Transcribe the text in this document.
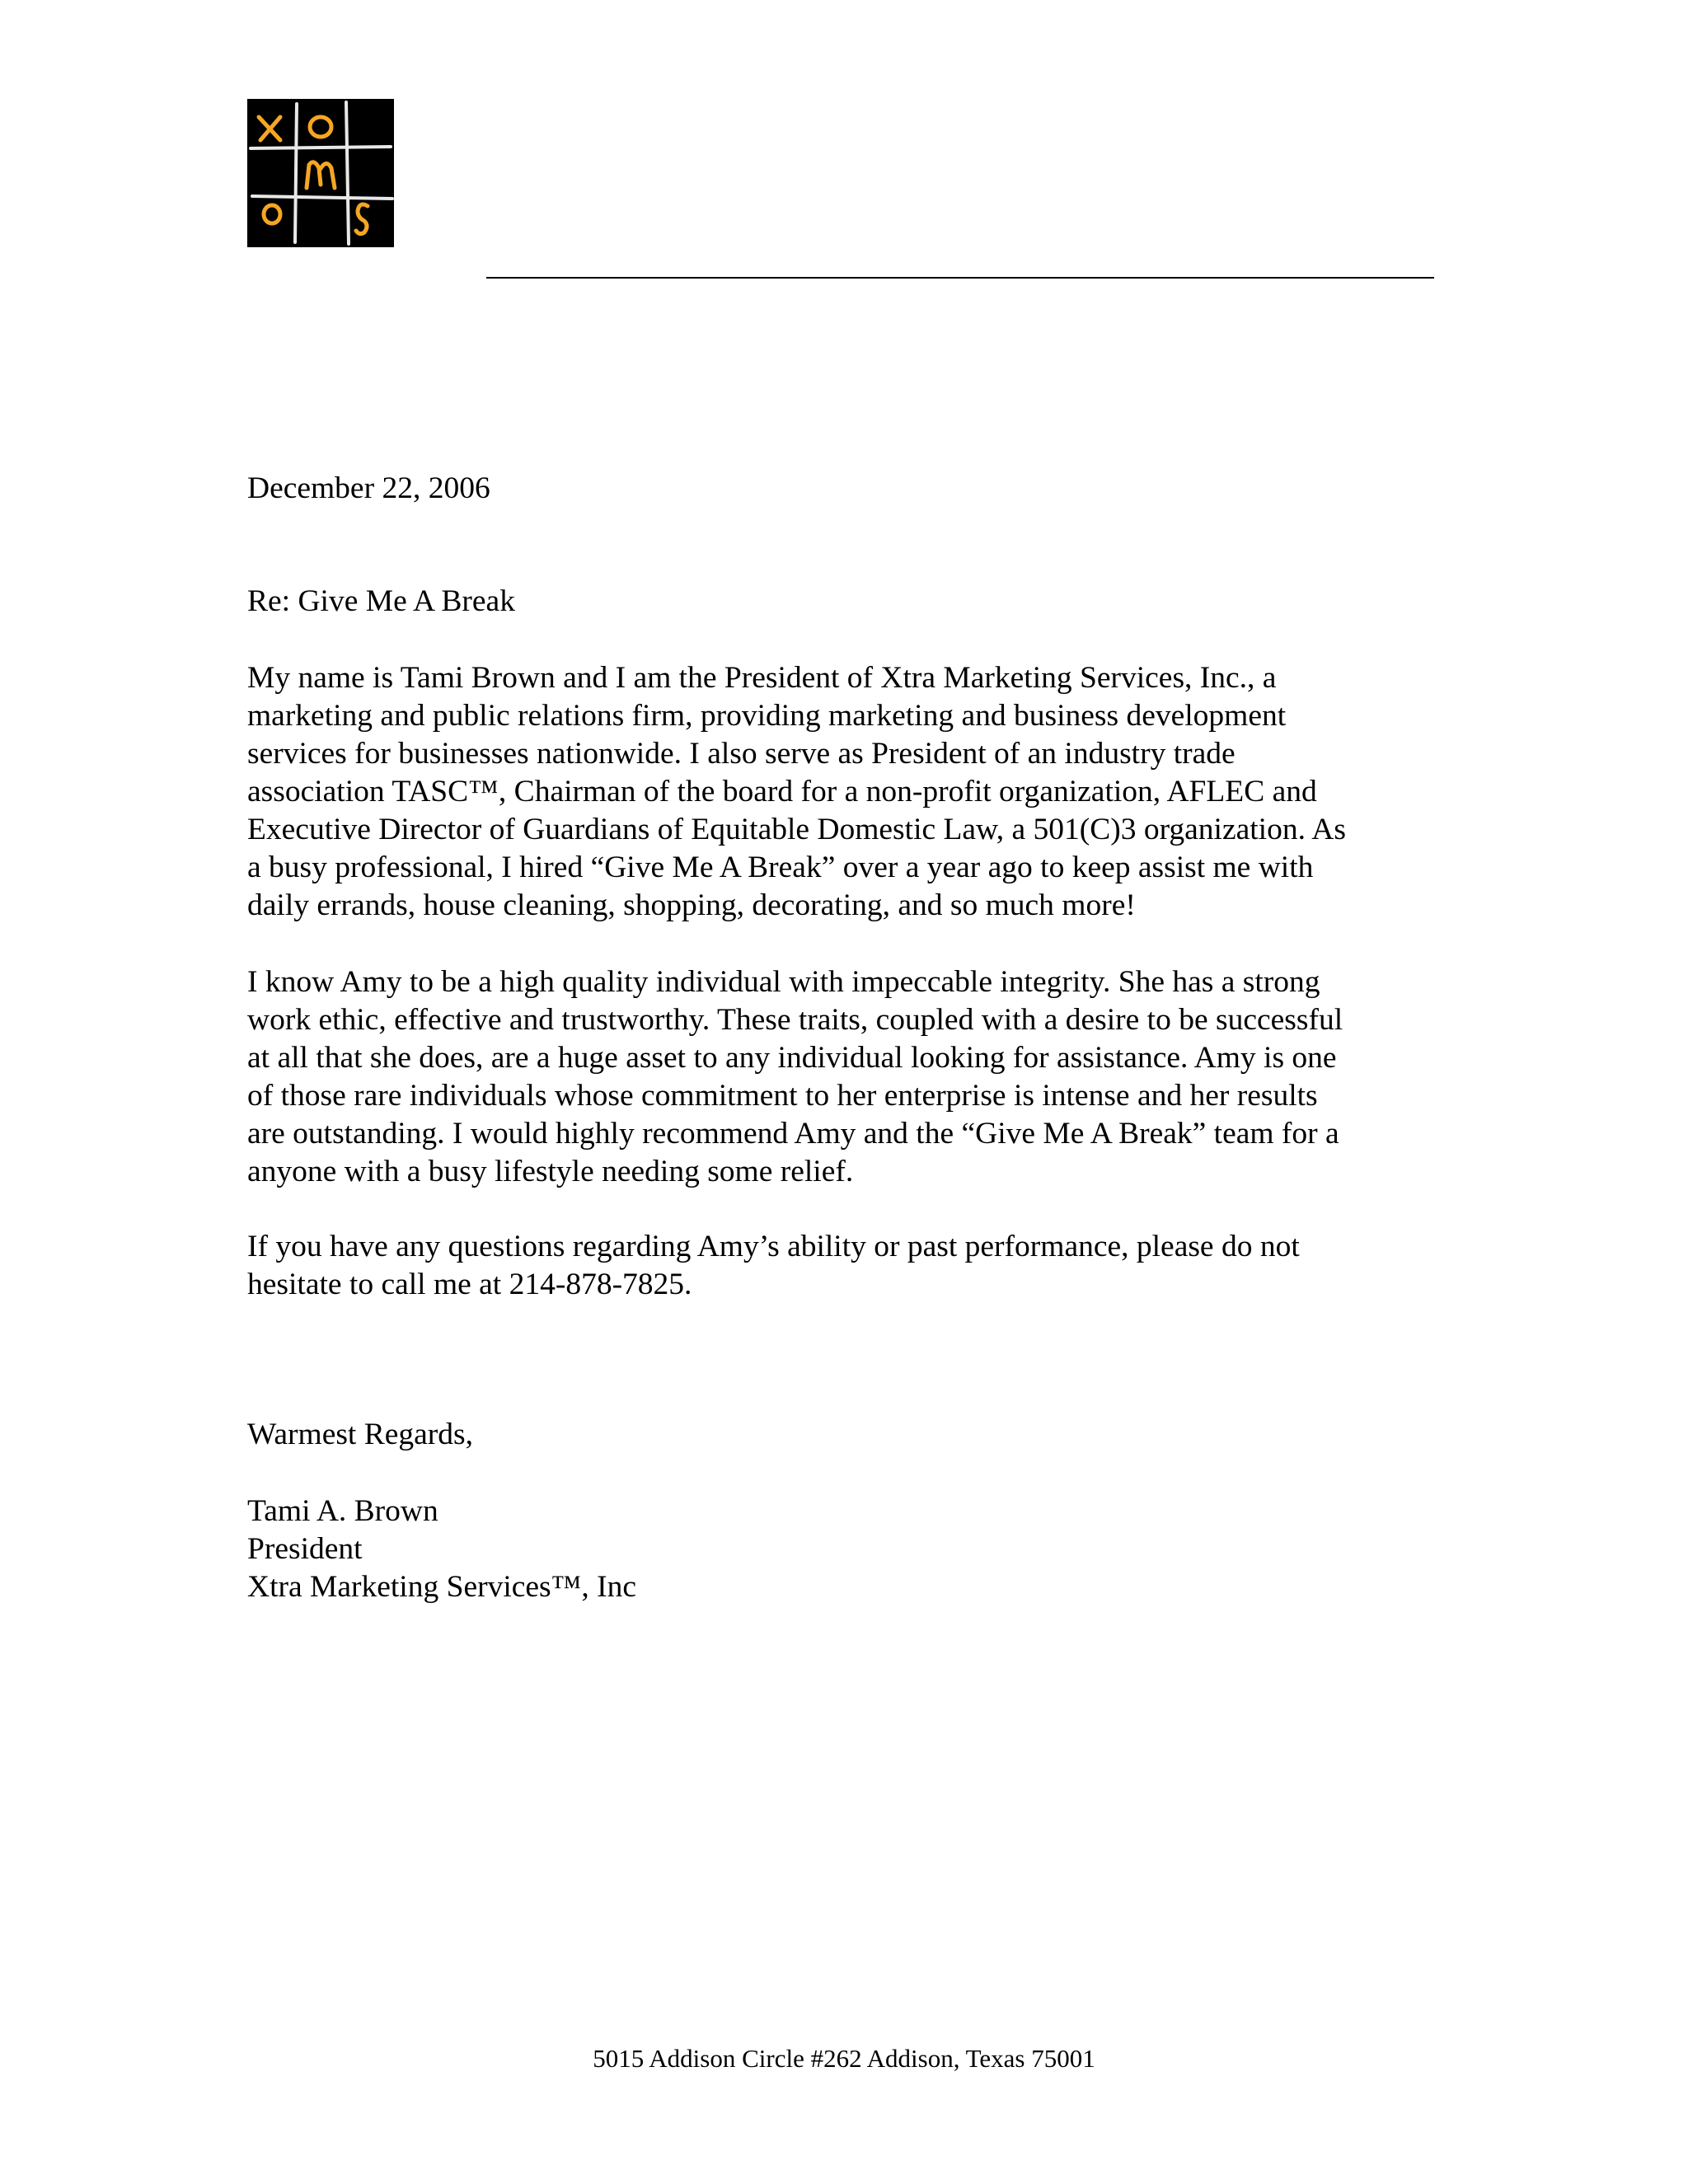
December 22, 2006
Re: Give Me A Break
My name is Tami Brown and I am the President of Xtra Marketing Services, Inc., a
marketing and public relations firm, providing marketing and business development
services for businesses nationwide. I also serve as President of an industry trade
association TASC™, Chairman of the board for a non-profit organization, AFLEC and
Executive Director of Guardians of Equitable Domestic Law, a 501(C)3 organization. As
a busy professional, I hired “Give Me A Break” over a year ago to keep assist me with
daily errands, house cleaning, shopping, decorating, and so much more!
I know Amy to be a high quality individual with impeccable integrity. She has a strong
work ethic, effective and trustworthy. These traits, coupled with a desire to be successful
at all that she does, are a huge asset to any individual looking for assistance. Amy is one
of those rare individuals whose commitment to her enterprise is intense and her results
are outstanding. I would highly recommend Amy and the “Give Me A Break” team for a
anyone with a busy lifestyle needing some relief.
If you have any questions regarding Amy’s ability or past performance, please do not
hesitate to call me at 214-878-7825.
Warmest Regards,
Tami A. Brown
President
Xtra Marketing Services™, Inc
5015 Addison Circle #262 Addison, Texas 75001
